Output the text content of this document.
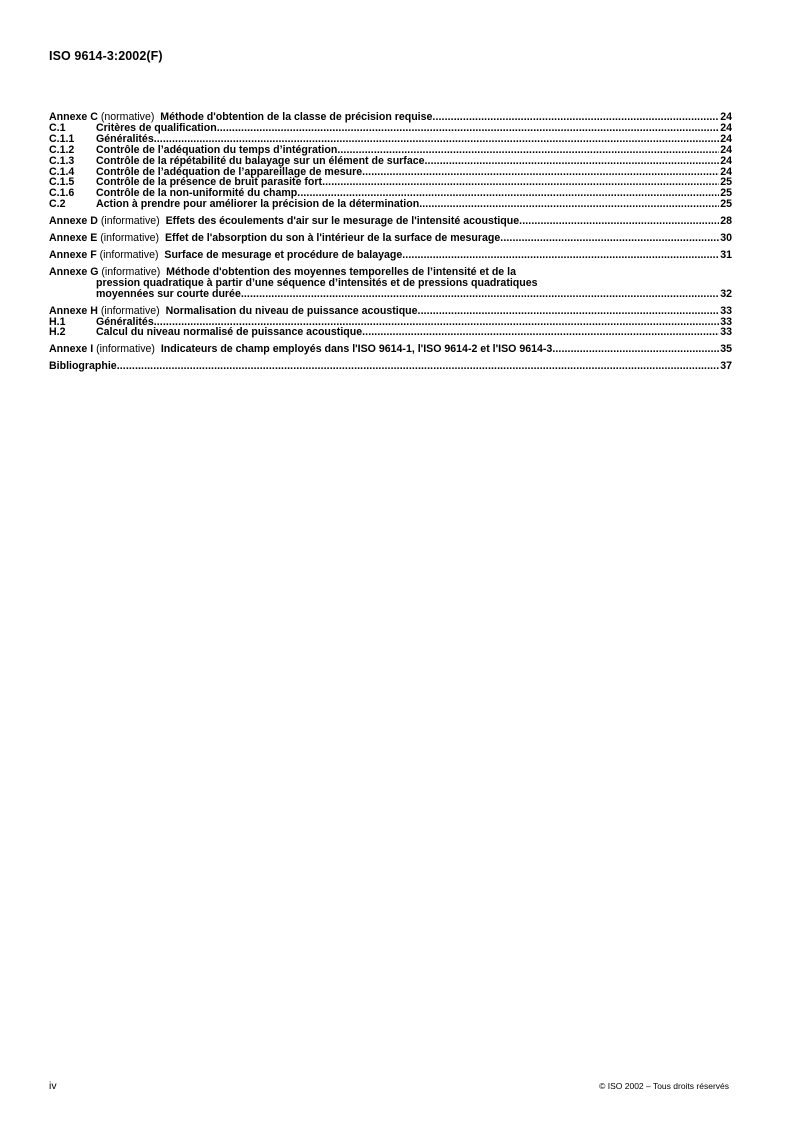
ISO 9614-3:2002(F)
Annexe C (normative)  Méthode d'obtention de la classe de précision requise .....	24
C.1	Critères de qualification .....	24
C.1.1	Généralités .....	24
C.1.2	Contrôle de l’adéquation du temps d’intégration .....	24
C.1.3	Contrôle de la répétabilité du balayage sur un élément de surface .....	24
C.1.4	Contrôle de l’adéquation de l’appareillage de mesure .....	24
C.1.5	Contrôle de la présence de bruit parasite fort .....	25
C.1.6	Contrôle de la non-uniformité du champ .....	25
C.2	Action à prendre pour améliorer la précision de la détermination .....	25
Annexe D (informative)  Effets des écoulements d'air sur le mesurage de l'intensité acoustique .....	28
Annexe E (informative)  Effet de l'absorption du son à l'intérieur de la surface de mesurage .....	30
Annexe F (informative)  Surface de mesurage et procédure de balayage .....	31
Annexe G (informative)  Méthode d'obtention des moyennes temporelles de l’intensité et de la
pression quadratique à partir d’une séquence d’intensités et de pressions quadratiques
moyennées sur courte durée .....	32
Annexe H (informative)  Normalisation du niveau de puissance acoustique .....	33
H.1	Généralités .....	33
H.2	Calcul du niveau normalisé de puissance acoustique .....	33
Annexe I (informative)  Indicateurs de champ employés dans l'ISO 9614-1, l'ISO 9614-2 et l'ISO 9614-3 .....	35
Bibliographie .....	37
iv	© ISO 2002 – Tous droits réservés
